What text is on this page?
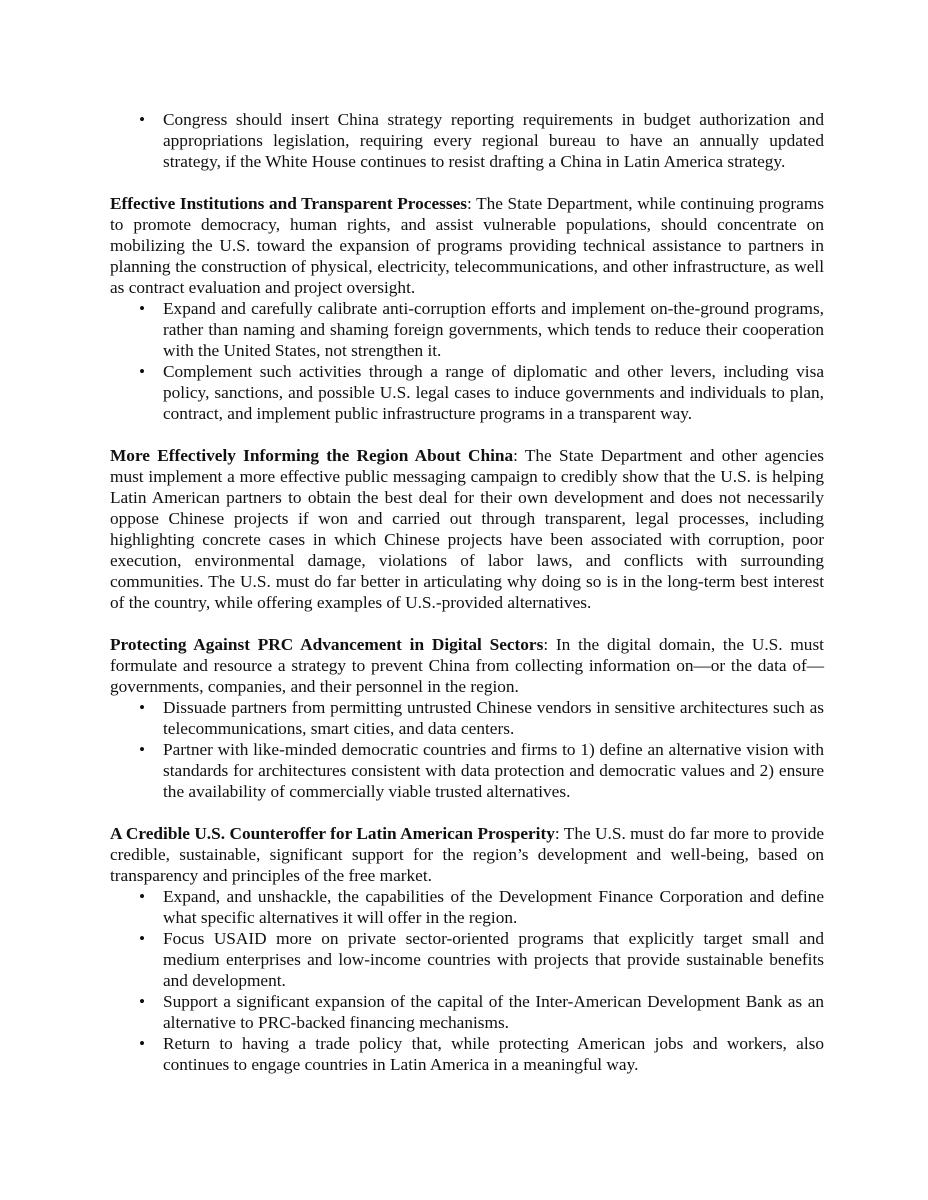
• Congress should insert China strategy reporting requirements in budget authorization and appropriations legislation, requiring every regional bureau to have an annually updated strategy, if the White House continues to resist drafting a China in Latin America strategy.

Effective Institutions and Transparent Processes: The State Department, while continuing programs to promote democracy, human rights, and assist vulnerable populations, should concentrate on mobilizing the U.S. toward the expansion of programs providing technical assistance to partners in planning the construction of physical, electricity, telecommunications, and other infrastructure, as well as contract evaluation and project oversight.

• Expand and carefully calibrate anti-corruption efforts and implement on-the-ground programs, rather than naming and shaming foreign governments, which tends to reduce their cooperation with the United States, not strengthen it.
• Complement such activities through a range of diplomatic and other levers, including visa policy, sanctions, and possible U.S. legal cases to induce governments and individuals to plan, contract, and implement public infrastructure programs in a transparent way.

More Effectively Informing the Region About China: The State Department and other agencies must implement a more effective public messaging campaign to credibly show that the U.S. is helping Latin American partners to obtain the best deal for their own development and does not necessarily oppose Chinese projects if won and carried out through transparent, legal processes, including highlighting concrete cases in which Chinese projects have been associated with corruption, poor execution, environmental damage, violations of labor laws, and conflicts with surrounding communities. The U.S. must do far better in articulating why doing so is in the long-term best interest of the country, while offering examples of U.S.-provided alternatives.

Protecting Against PRC Advancement in Digital Sectors: In the digital domain, the U.S. must formulate and resource a strategy to prevent China from collecting information on—or the data of—governments, companies, and their personnel in the region.

• Dissuade partners from permitting untrusted Chinese vendors in sensitive architectures such as telecommunications, smart cities, and data centers.
• Partner with like-minded democratic countries and firms to 1) define an alternative vision with standards for architectures consistent with data protection and democratic values and 2) ensure the availability of commercially viable trusted alternatives.

A Credible U.S. Counteroffer for Latin American Prosperity: The U.S. must do far more to provide credible, sustainable, significant support for the region’s development and well-being, based on transparency and principles of the free market.

• Expand, and unshackle, the capabilities of the Development Finance Corporation and define what specific alternatives it will offer in the region.
• Focus USAID more on private sector-oriented programs that explicitly target small and medium enterprises and low-income countries with projects that provide sustainable benefits and development.
• Support a significant expansion of the capital of the Inter-American Development Bank as an alternative to PRC-backed financing mechanisms.
• Return to having a trade policy that, while protecting American jobs and workers, also continues to engage countries in Latin America in a meaningful way.
